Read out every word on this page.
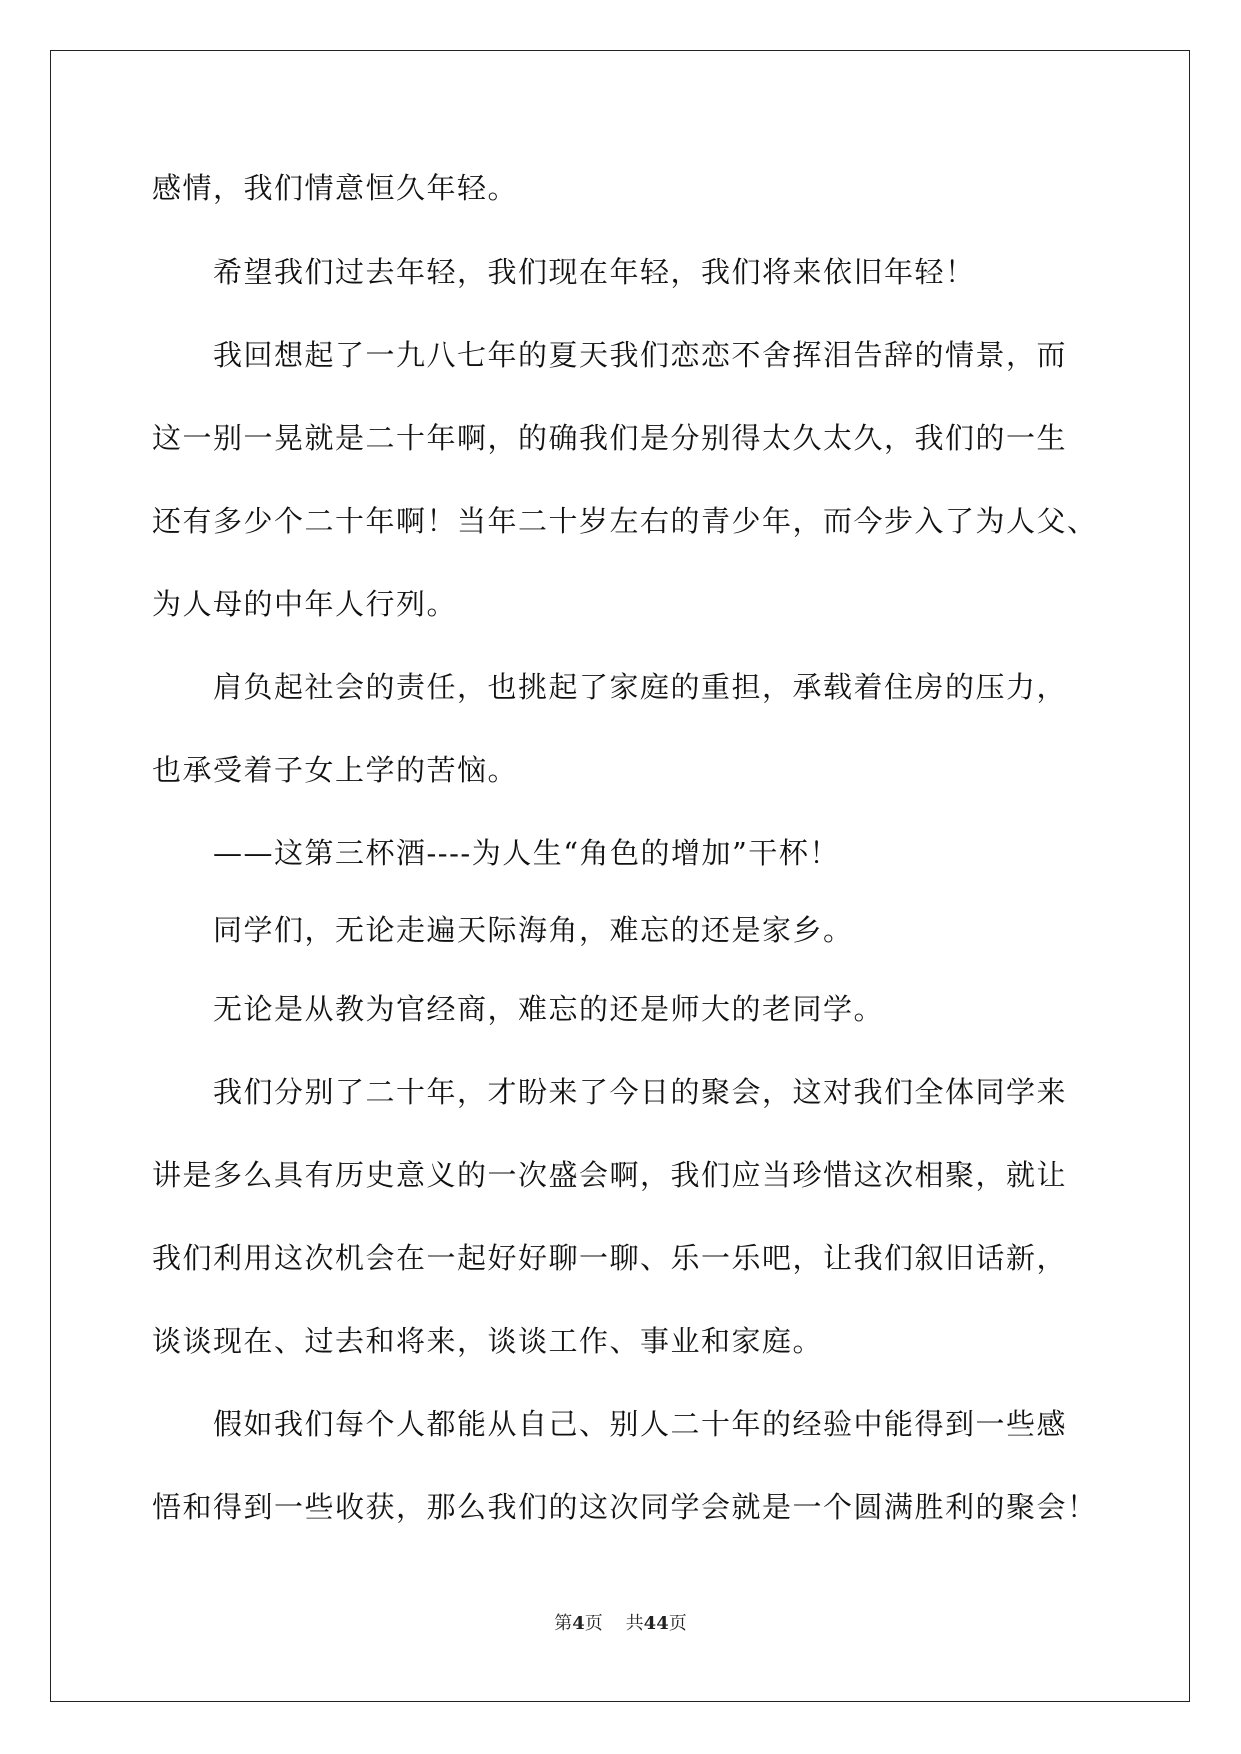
感情，我们情意恒久年轻。

　　希望我们过去年轻，我们现在年轻，我们将来依旧年轻！

　　我回想起了一九八七年的夏天我们恋恋不舍挥泪告辞的情景，而

这一别一晃就是二十年啊，的确我们是分别得太久太久，我们的一生

还有多少个二十年啊！当年二十岁左右的青少年，而今步入了为人父、

为人母的中年人行列。

　　肩负起社会的责任，也挑起了家庭的重担，承载着住房的压力，

也承受着子女上学的苦恼。

　　——这第三杯酒----为人生“角色的增加”干杯！

　　同学们，无论走遍天际海角，难忘的还是家乡。

　　无论是从教为官经商，难忘的还是师大的老同学。

　　我们分别了二十年，才盼来了今日的聚会，这对我们全体同学来

讲是多么具有历史意义的一次盛会啊，我们应当珍惜这次相聚，就让

我们利用这次机会在一起好好聊一聊、乐一乐吧，让我们叙旧话新，

谈谈现在、过去和将来，谈谈工作、事业和家庭。

　　假如我们每个人都能从自己、别人二十年的经验中能得到一些感

悟和得到一些收获，那么我们的这次同学会就是一个圆满胜利的聚会！

第4页 共44页
